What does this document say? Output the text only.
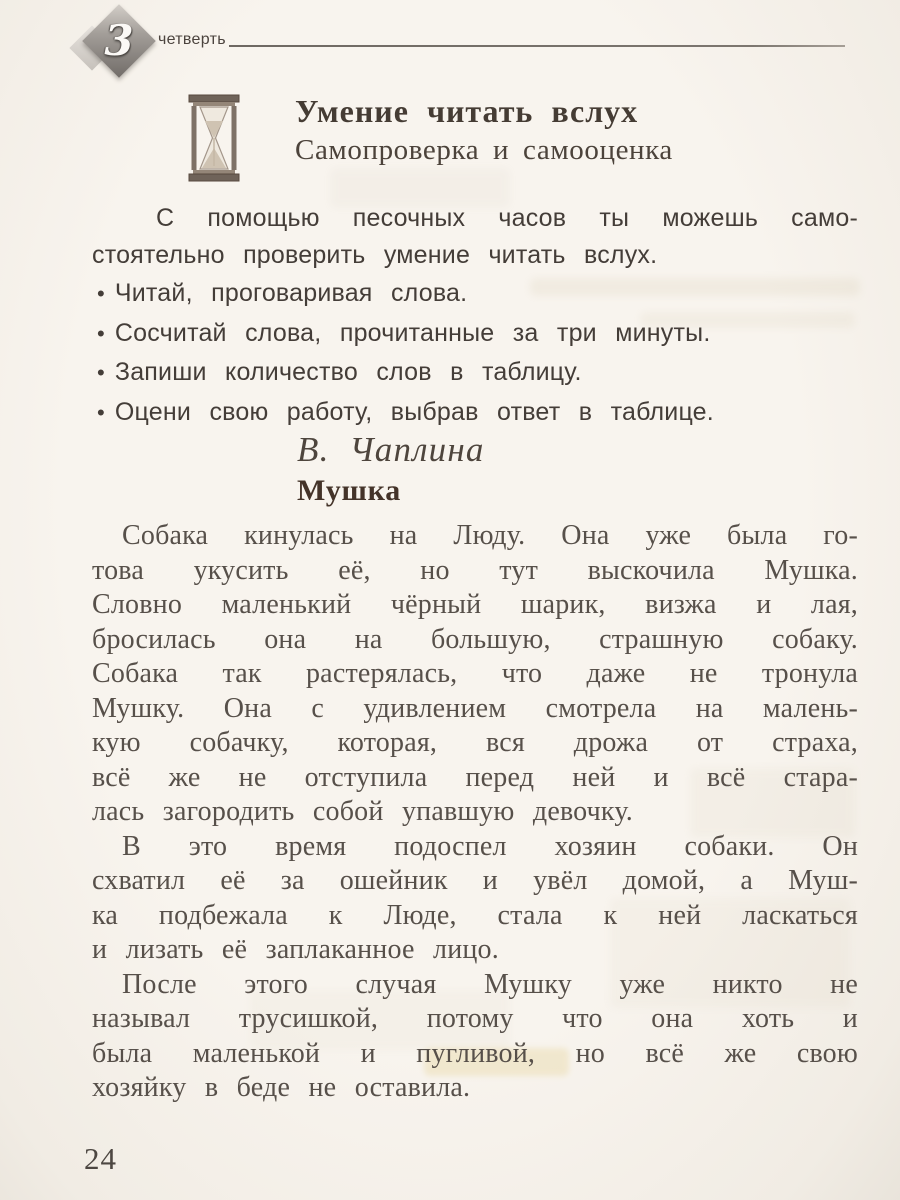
3	четверть
Умение читать вслух
Самопроверка и самооценка
С помощью песочных часов ты можешь само-
стоятельно проверить умение читать вслух.
• Читай, проговаривая слова.
• Сосчитай слова, прочитанные за три минуты.
• Запиши количество слов в таблицу.
• Оцени свою работу, выбрав ответ в таблице.
В. Чаплина
Мушка
Собака кинулась на Люду. Она уже была го-
това укусить её, но тут выскочила Мушка.
Словно маленький чёрный шарик, визжа и лая,
бросилась она на большую, страшную собаку.
Собака так растерялась, что даже не тронула
Мушку. Она с удивлением смотрела на малень-
кую собачку, которая, вся дрожа от страха,
всё же не отступила перед ней и всё стара-
лась загородить собой упавшую девочку.
В это время подоспел хозяин собаки. Он
схватил её за ошейник и увёл домой, а Муш-
ка подбежала к Люде, стала к ней ласкаться
и лизать её заплаканное лицо.
После этого случая Мушку уже никто не
называл трусишкой, потому что она хоть и
была маленькой и пугливой, но всё же свою
хозяйку в беде не оставила.
24
